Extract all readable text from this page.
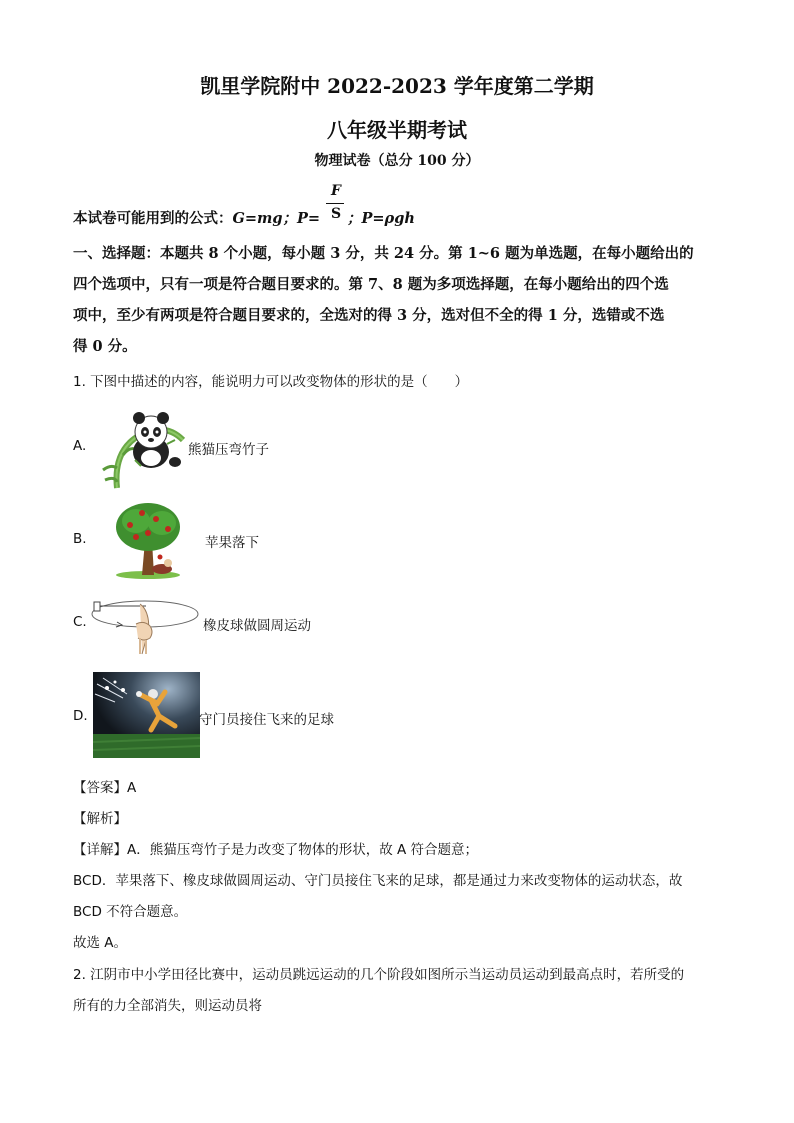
凯里学院附中 2022-2023 学年度第二学期
八年级半期考试
物理试卷（总分 100 分）
本试卷可能用到的公式：G=mg；P=
F
S ；P=ρgh
一、选择题：本题共 8 个小题，每小题 3 分，共 24 分。第 1~6 题为单选题，在每小题给出的
四个选项中，只有一项是符合题目要求的。第 7、8 题为多项选择题，在每小题给出的四个选
项中，至少有两项是符合题目要求的，全选对的得 3 分，选对但不全的得 1 分，选错或不选
得 0 分。
1. 下图中描述的内容，能说明力可以改变物体的形状的是（　　）
A.	熊猫压弯竹子
B.	苹果落下
C.	橡皮球做圆周运动
D.	守门员接住飞来的足球
【答案】A
【解析】
【详解】A．熊猫压弯竹子是力改变了物体的形状，故 A 符合题意；
BCD．苹果落下、橡皮球做圆周运动、守门员接住飞来的足球，都是通过力来改变物体的运动状态，故
BCD 不符合题意。
故选 A。
2. 江阴市中小学田径比赛中，运动员跳远运动的几个阶段如图所示当运动员运动到最高点时，若所受的
所有的力全部消失，则运动员将
